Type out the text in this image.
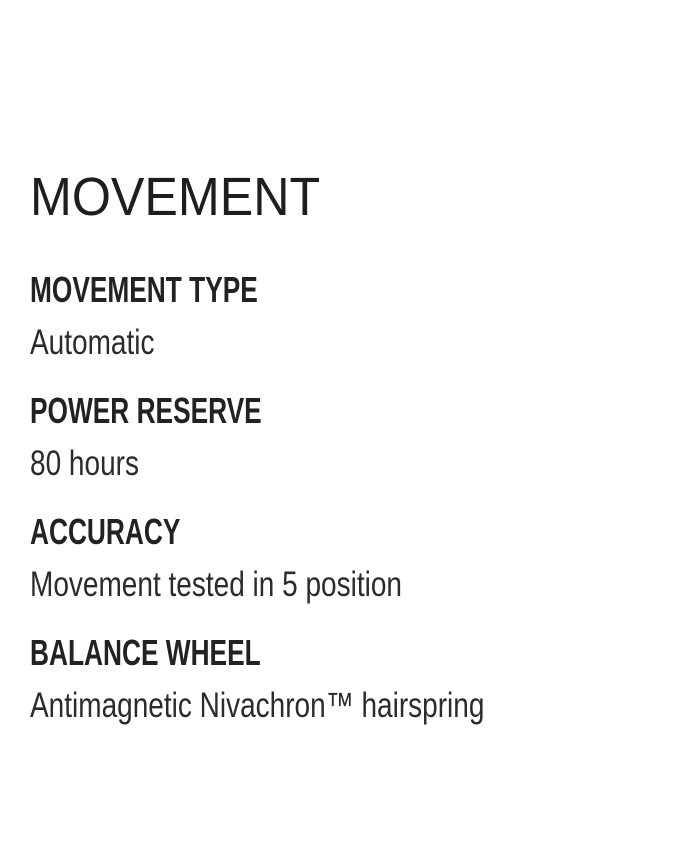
MOVEMENT
MOVEMENT TYPE
Automatic
POWER RESERVE
80 hours
ACCURACY
Movement tested in 5 position
BALANCE WHEEL
Antimagnetic Nivachron™ hairspring
